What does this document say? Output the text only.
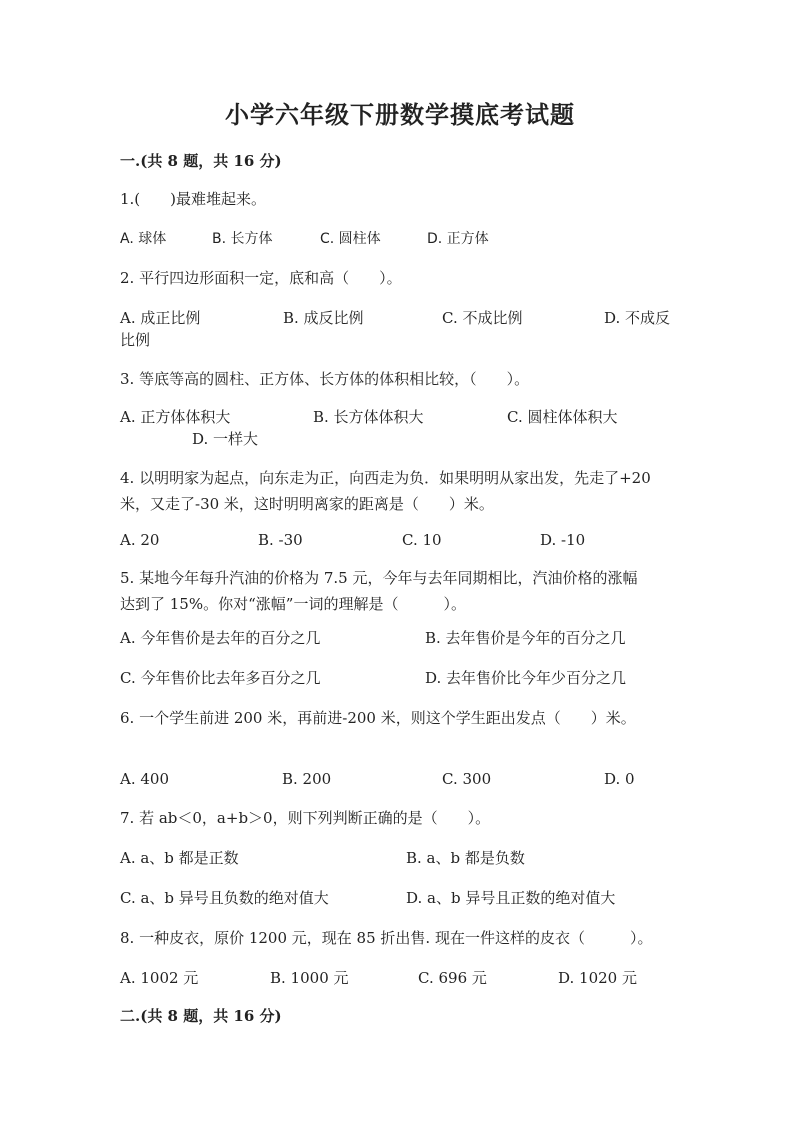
小学六年级下册数学摸底考试题
一.(共 8 题，共 16 分)
1.(　　)最难堆起来。
A. 球体	B. 长方体	C. 圆柱体	D. 正方体
2. 平行四边形面积一定，底和高（　　）。
A. 成正比例	B. 成反比例	C. 不成比例	D. 不成反
比例
3. 等底等高的圆柱、正方体、长方体的体积相比较，（　　）。
A. 正方体体积大	B. 长方体体积大	C. 圆柱体体积大
D. 一样大
4. 以明明家为起点，向东走为正，向西走为负．如果明明从家出发，先走了+20
米，又走了-30 米，这时明明离家的距离是（　　）米。
A. 20	B. -30	C. 10	D. -10
5. 某地今年每升汽油的价格为 7.5 元，今年与去年同期相比，汽油价格的涨幅
达到了 15%。你对“涨幅”一词的理解是（　　　）。
A. 今年售价是去年的百分之几	B. 去年售价是今年的百分之几
C. 今年售价比去年多百分之几	D. 去年售价比今年少百分之几
6. 一个学生前进 200 米，再前进-200 米，则这个学生距出发点（　　）米。
A. 400	B. 200	C. 300	D. 0
7. 若 ab＜0，a+b＞0，则下列判断正确的是（　　）。
A. a、b 都是正数	B. a、b 都是负数
C. a、b 异号且负数的绝对值大	D. a、b 异号且正数的绝对值大
8. 一种皮衣，原价 1200 元，现在 85 折出售. 现在一件这样的皮衣（　　　）。
A. 1002 元	B. 1000 元	C. 696 元	D. 1020 元
二.(共 8 题，共 16 分)
